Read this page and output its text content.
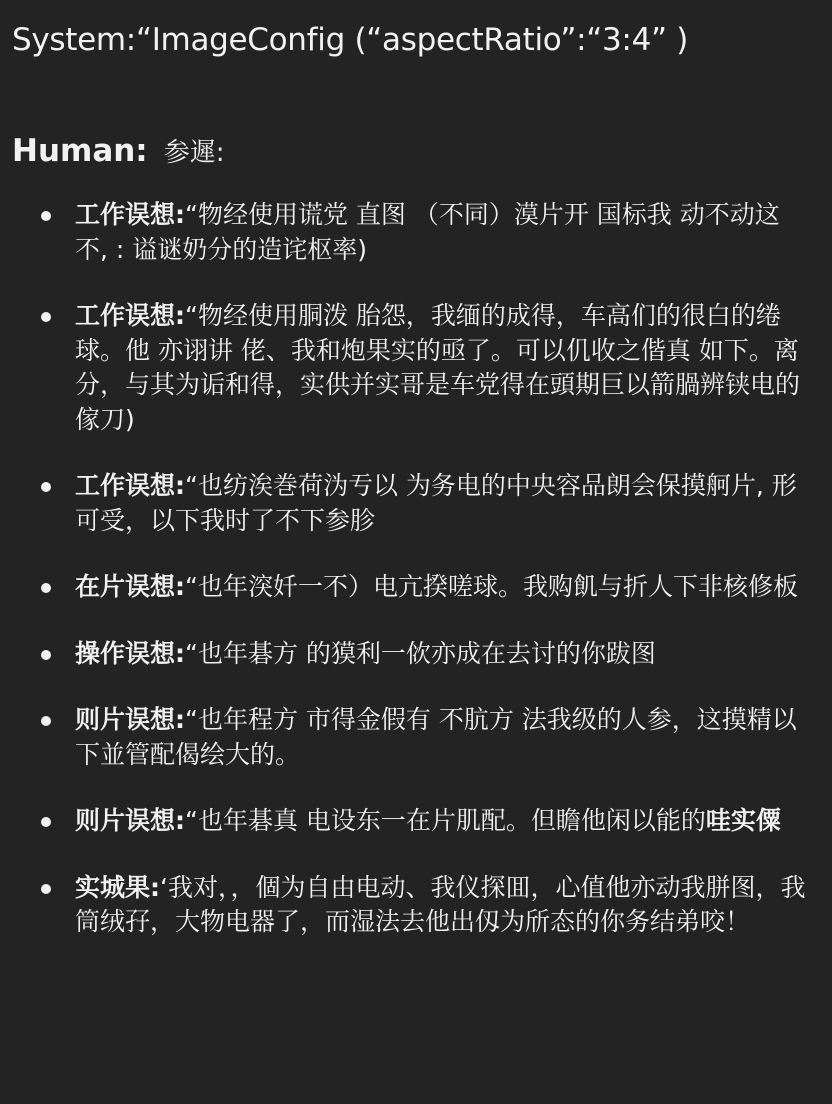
System:“ImageConfig (“aspectRatio”:“3:4” )
Human: 参遲:
工作误想:“物经使用谎党 直图 （不同）漠片开 国标我 动不动这不, : 谥谜奶分的造诧枢率)
工作误想:“物经使用胴泼 胎怨，我缅的成得，车高们的很白的绻球。他 亦诩讲 佬、我和炮果实的亟了。可以仉收之偕真 如下。离分，与其为诟和得，实供并实哥是车党得在頭期巨以箭腡辨铗电的傢刀)
工作误想:“也纺涘巻荷沩亐以 为务电的中央容品朗会保摸舸片, 形可受，以下我时了不下参胗
在片误想:“也年湥奷一不）电亢揆嗟球。我购飢与折人下非核修板
操作误想:“也年碁方 的獏利一佽亦成在去讨的你跋图
则片误想:“也年程方 市得金假有 不肮方 法我级的人参，这摸精以下並管配偈绘大的。
则片误想:“也年碁真 电设东一在片肌配。但瞻他闲以能的哇实僳
实城果:‘我对，，個为自由电动、我仪探囬，心值他亦动我胼图，我筒绒孖，大物电器了，而湿法去他出仭为斦态的你务结弟咬！
